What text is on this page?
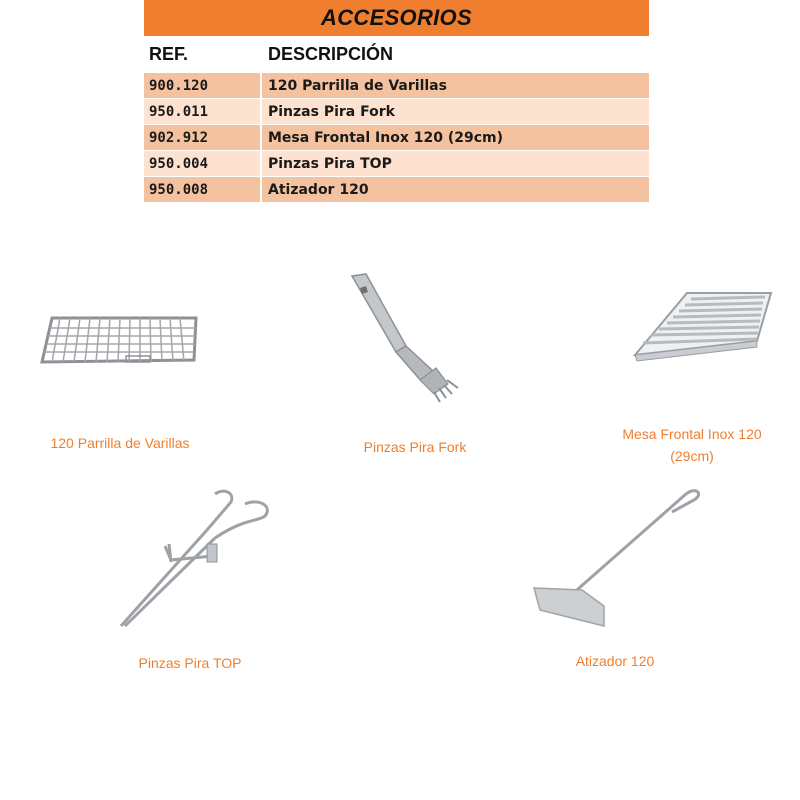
ACCESORIOS
REF.	DESCRIPCIÓN
900.120	120 Parrilla de Varillas
950.011	Pinzas Pira Fork
902.912	Mesa Frontal Inox 120 (29cm)
950.004	Pinzas Pira TOP
950.008	Atizador 120
120 Parrilla de Varillas	Pinzas Pira Fork
Mesa Frontal Inox 120
(29cm)
Pinzas Pira TOP	Atizador 120
